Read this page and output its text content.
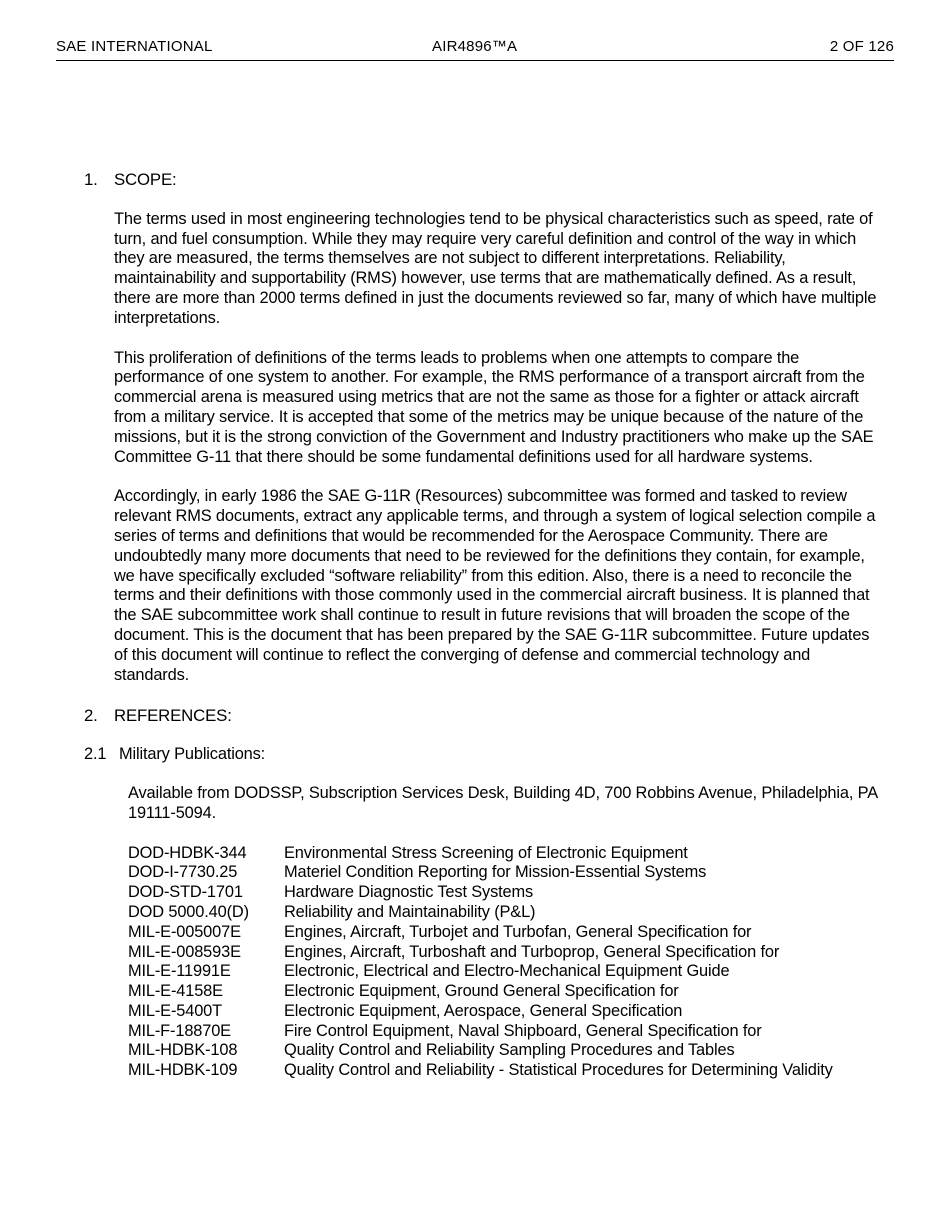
SAE INTERNATIONAL	AIR4896™A	2 OF 126
1. SCOPE:

The terms used in most engineering technologies tend to be physical characteristics such as speed, rate of turn, and fuel consumption. While they may require very careful definition and control of the way in which they are measured, the terms themselves are not subject to different interpretations. Reliability, maintainability and supportability (RMS) however, use terms that are mathematically defined. As a result, there are more than 2000 terms defined in just the documents reviewed so far, many of which have multiple interpretations.

This proliferation of definitions of the terms leads to problems when one attempts to compare the performance of one system to another. For example, the RMS performance of a transport aircraft from the commercial arena is measured using metrics that are not the same as those for a fighter or attack aircraft from a military service. It is accepted that some of the metrics may be unique because of the nature of the missions, but it is the strong conviction of the Government and Industry practitioners who make up the SAE Committee G-11 that there should be some fundamental definitions used for all hardware systems.

Accordingly, in early 1986 the SAE G-11R (Resources) subcommittee was formed and tasked to review relevant RMS documents, extract any applicable terms, and through a system of logical selection compile a series of terms and definitions that would be recommended for the Aerospace Community. There are undoubtedly many more documents that need to be reviewed for the definitions they contain, for example, we have specifically excluded “software reliability” from this edition. Also, there is a need to reconcile the terms and their definitions with those commonly used in the commercial aircraft business. It is planned that the SAE subcommittee work shall continue to result in future revisions that will broaden the scope of the document. This is the document that has been prepared by the SAE G-11R subcommittee. Future updates of this document will continue to reflect the converging of defense and commercial technology and standards.

2. REFERENCES:
2.1 Military Publications:

Available from DODSSP, Subscription Services Desk, Building 4D, 700 Robbins Avenue, Philadelphia, PA 19111-5094.

DOD-HDBK-344	Environmental Stress Screening of Electronic Equipment
DOD-I-7730.25	Materiel Condition Reporting for Mission-Essential Systems
DOD-STD-1701	Hardware Diagnostic Test Systems
DOD 5000.40(D)	Reliability and Maintainability (P&L)
MIL-E-005007E	Engines, Aircraft, Turbojet and Turbofan, General Specification for
MIL-E-008593E	Engines, Aircraft, Turboshaft and Turboprop, General Specification for
MIL-E-11991E	Electronic, Electrical and Electro-Mechanical Equipment Guide
MIL-E-4158E	Electronic Equipment, Ground General Specification for
MIL-E-5400T	Electronic Equipment, Aerospace, General Specification
MIL-F-18870E	Fire Control Equipment, Naval Shipboard, General Specification for
MIL-HDBK-108	Quality Control and Reliability Sampling Procedures and Tables
MIL-HDBK-109	Quality Control and Reliability - Statistical Procedures for Determining Validity
